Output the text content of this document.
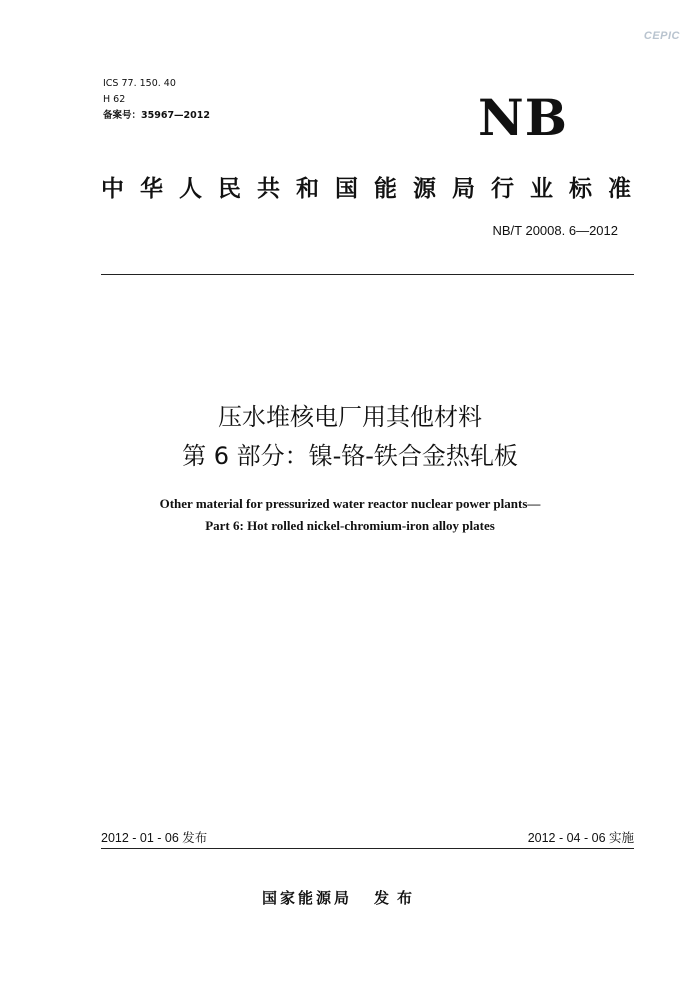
CEPIC
ICS 77. 150. 40
H 62
备案号：35967—2012	NB
中 华 人 民 共 和 国 能 源 局 行 业 标 准
NB/T 20008. 6—2012
压水堆核电厂用其他材料
第 6 部分：镍-铬-铁合金热轧板
Other material for pressurized water reactor nuclear power plants—
Part 6: Hot rolled nickel-chromium-iron alloy plates
2012 - 01 - 06 发布	2012 - 04 - 06 实施
国家能源局 发布
